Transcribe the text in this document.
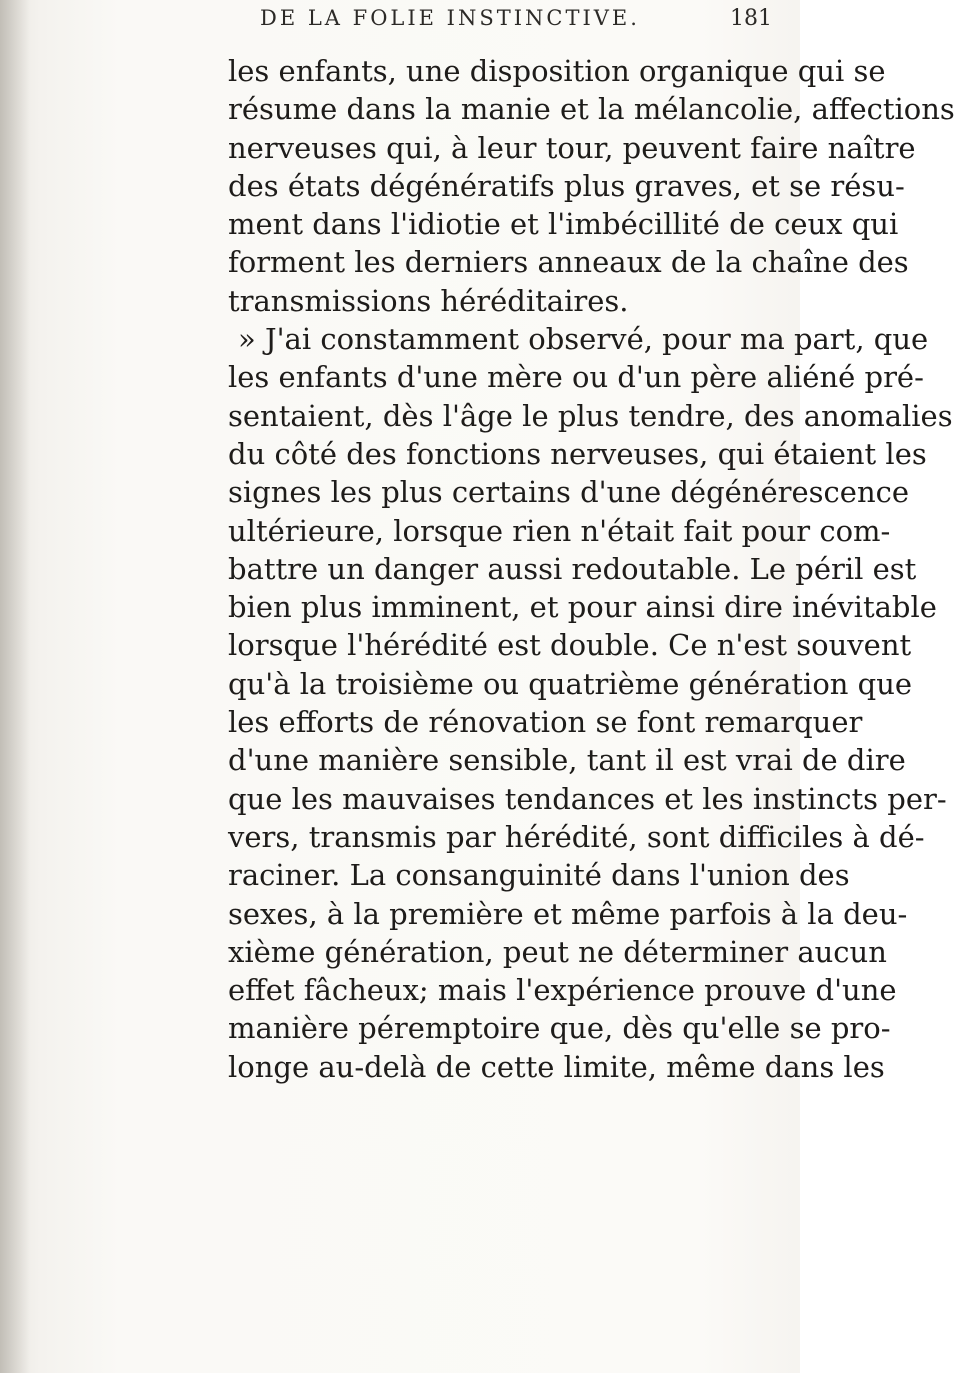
DE LA FOLIE INSTINCTIVE.	181
les enfants, une disposition organique qui se
résume dans la manie et la mélancolie, affections
nerveuses qui, à leur tour, peuvent faire naître
des états dégénératifs plus graves, et se résu-
ment dans l'idiotie et l'imbécillité de ceux qui
forment les derniers anneaux de la chaîne des
transmissions héréditaires.
» J'ai constamment observé, pour ma part, que
les enfants d'une mère ou d'un père aliéné pré-
sentaient, dès l'âge le plus tendre, des anomalies
du côté des fonctions nerveuses, qui étaient les
signes les plus certains d'une dégénérescence
ultérieure, lorsque rien n'était fait pour com-
battre un danger aussi redoutable. Le péril est
bien plus imminent, et pour ainsi dire inévitable
lorsque l'hérédité est double. Ce n'est souvent
qu'à la troisième ou quatrième génération que
les efforts de rénovation se font remarquer
d'une manière sensible, tant il est vrai de dire
que les mauvaises tendances et les instincts per-
vers, transmis par hérédité, sont difficiles à dé-
raciner. La consanguinité dans l'union des
sexes, à la première et même parfois à la deu-
xième génération, peut ne déterminer aucun
effet fâcheux; mais l'expérience prouve d'une
manière péremptoire que, dès qu'elle se pro-
longe au-delà de cette limite, même dans les
